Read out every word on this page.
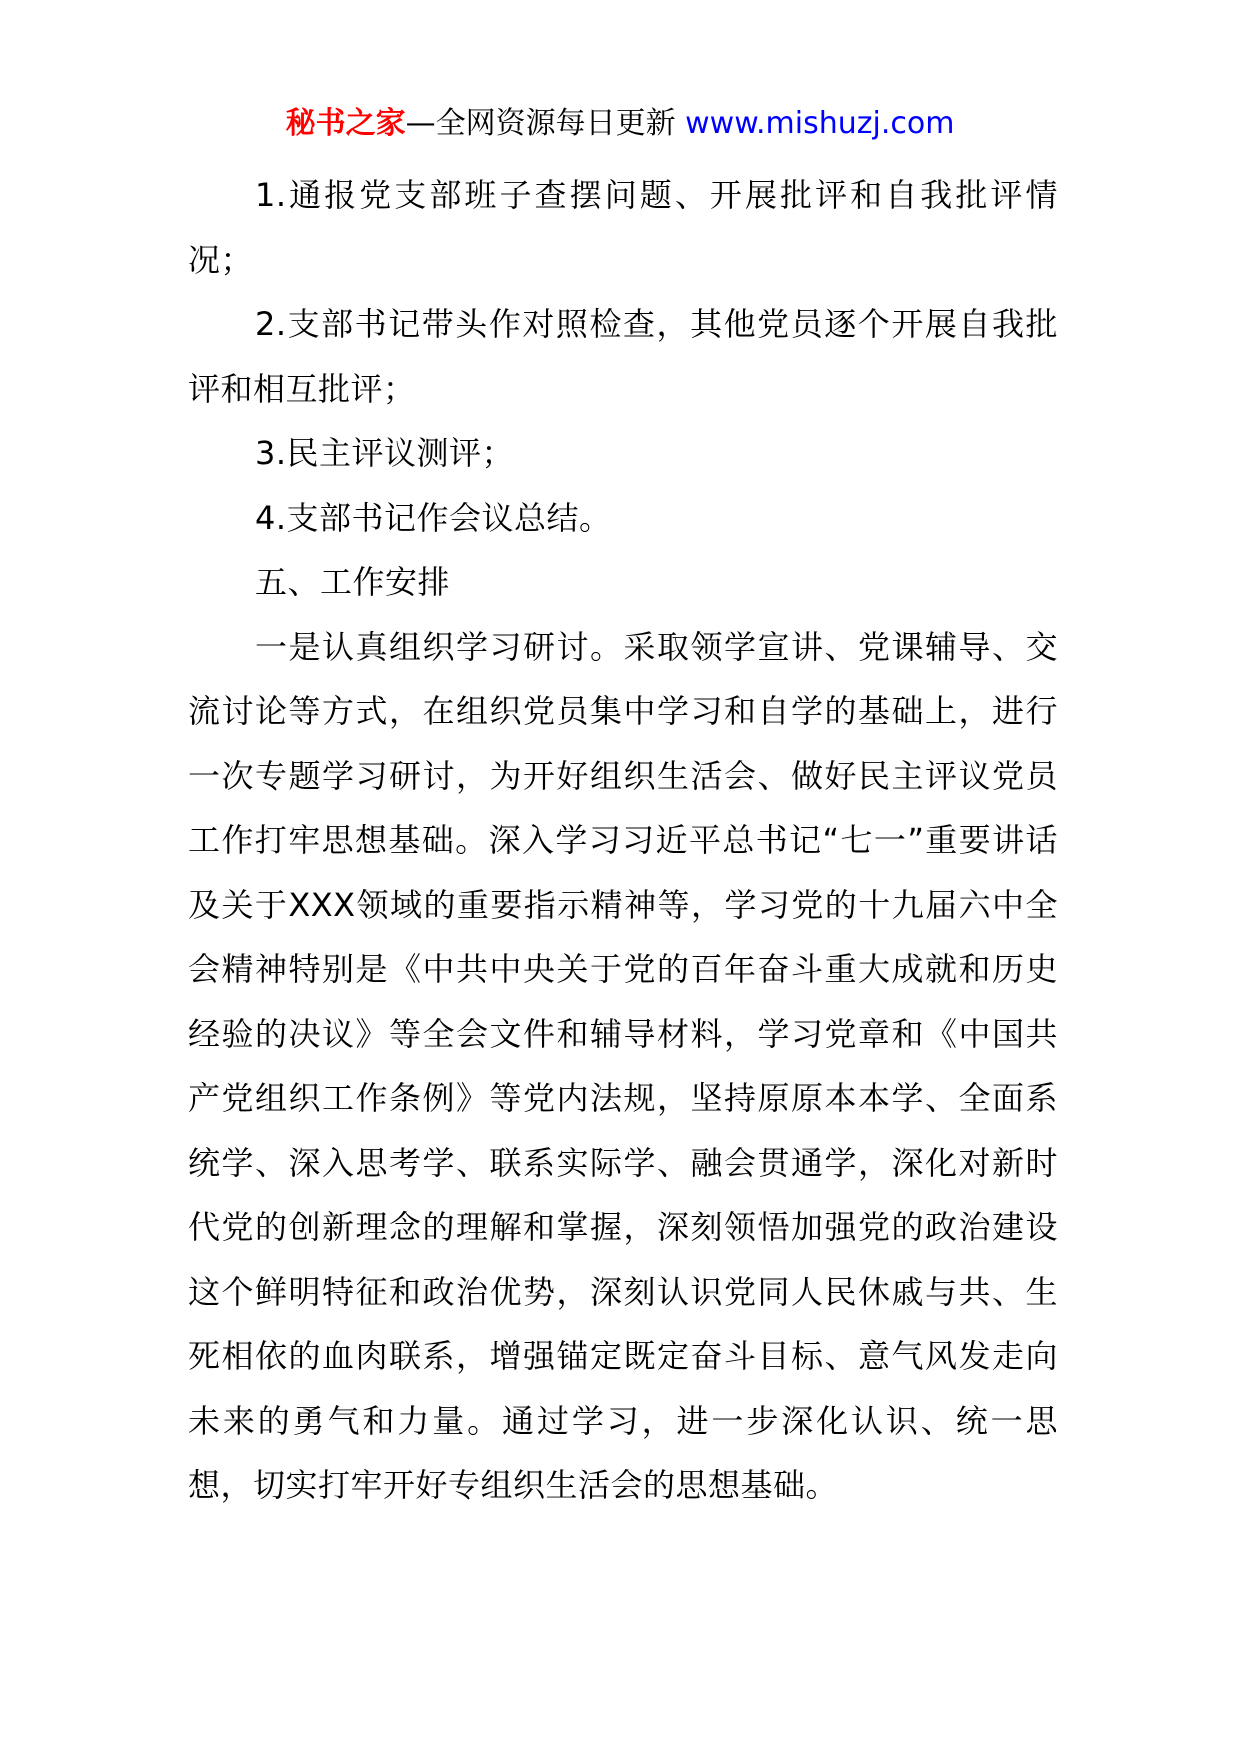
秘书之家—全网资源每日更新 www.mishuzj.com

1.通报党支部班子查摆问题、开展批评和自我批评情况；

2.支部书记带头作对照检查，其他党员逐个开展自我批评和相互批评；

3.民主评议测评；

4.支部书记作会议总结。

五、工作安排

一是认真组织学习研讨。采取领学宣讲、党课辅导、交流讨论等方式，在组织党员集中学习和自学的基础上，进行一次专题学习研讨，为开好组织生活会、做好民主评议党员工作打牢思想基础。深入学习习近平总书记“七一”重要讲话及关于XXX领域的重要指示精神等，学习党的十九届六中全会精神特别是《中共中央关于党的百年奋斗重大成就和历史经验的决议》等全会文件和辅导材料，学习党章和《中国共产党组织工作条例》等党内法规，坚持原原本本学、全面系统学、深入思考学、联系实际学、融会贯通学，深化对新时代党的创新理念的理解和掌握，深刻领悟加强党的政治建设这个鲜明特征和政治优势，深刻认识党同人民休戚与共、生死相依的血肉联系，增强锚定既定奋斗目标、意气风发走向未来的勇气和力量。通过学习，进一步深化认识、统一思想，切实打牢开好专组织生活会的思想基础。
